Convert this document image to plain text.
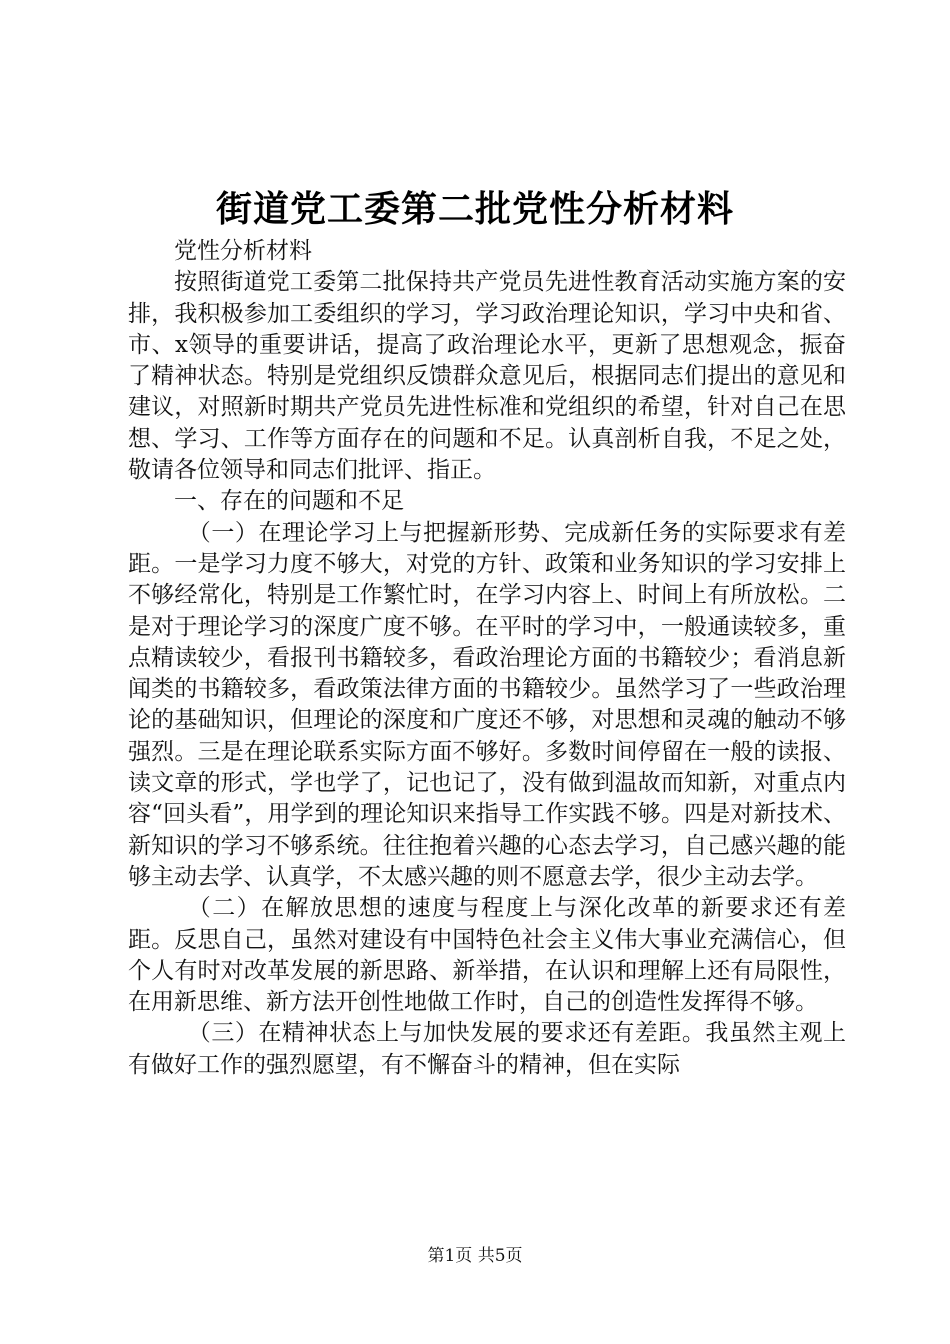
街道党工委第二批党性分析材料

党性分析材料

按照街道党工委第二批保持共产党员先进性教育活动实施方案的安排，我积极参加工委组织的学习，学习政治理论知识，学习中央和省、市、x领导的重要讲话，提高了政治理论水平，更新了思想观念，振奋了精神状态。特别是党组织反馈群众意见后，根据同志们提出的意见和建议，对照新时期共产党员先进性标准和党组织的希望，针对自己在思想、学习、工作等方面存在的问题和不足。认真剖析自我，不足之处，敬请各位领导和同志们批评、指正。

一、存在的问题和不足

（一）在理论学习上与把握新形势、完成新任务的实际要求有差距。一是学习力度不够大，对党的方针、政策和业务知识的学习安排上不够经常化，特别是工作繁忙时，在学习内容上、时间上有所放松。二是对于理论学习的深度广度不够。在平时的学习中，一般通读较多，重点精读较少，看报刊书籍较多，看政治理论方面的书籍较少；看消息新闻类的书籍较多，看政策法律方面的书籍较少。虽然学习了一些政治理论的基础知识，但理论的深度和广度还不够，对思想和灵魂的触动不够强烈。三是在理论联系实际方面不够好。多数时间停留在一般的读报、读文章的形式，学也学了，记也记了，没有做到温故而知新，对重点内容“回头看”，用学到的理论知识来指导工作实践不够。四是对新技术、新知识的学习不够系统。往往抱着兴趣的心态去学习，自己感兴趣的能够主动去学、认真学，不太感兴趣的则不愿意去学，很少主动去学。

（二）在解放思想的速度与程度上与深化改革的新要求还有差距。反思自己，虽然对建设有中国特色社会主义伟大事业充满信心，但个人有时对改革发展的新思路、新举措，在认识和理解上还有局限性，在用新思维、新方法开创性地做工作时，自己的创造性发挥得不够。

（三）在精神状态上与加快发展的要求还有差距。我虽然主观上有做好工作的强烈愿望，有不懈奋斗的精神，但在实际

第1页 共5页
